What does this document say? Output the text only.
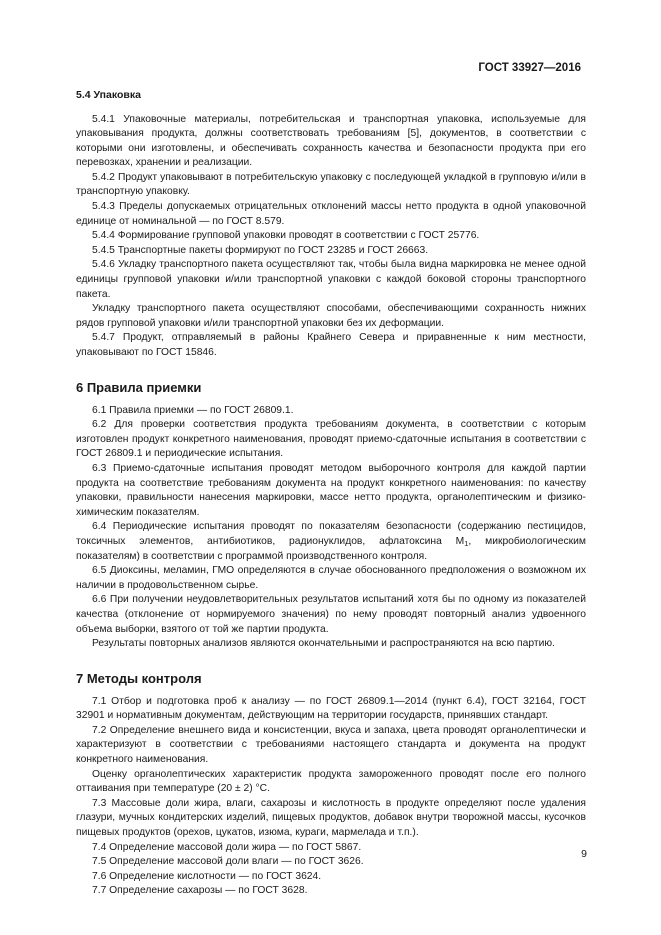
ГОСТ 33927—2016
5.4 Упаковка

5.4.1 Упаковочные материалы, потребительская и транспортная упаковка, используемые для упаковывания продукта, должны соответствовать требованиям [5], документов, в соответствии с которыми они изготовлены, и обеспечивать сохранность качества и безопасности продукта при его перевозках, хранении и реализации.

5.4.2 Продукт упаковывают в потребительскую упаковку с последующей укладкой в групповую и/или в транспортную упаковку.

5.4.3 Пределы допускаемых отрицательных отклонений массы нетто продукта в одной упаковочной единице от номинальной — по ГОСТ 8.579.

5.4.4 Формирование групповой упаковки проводят в соответствии с ГОСТ 25776.

5.4.5 Транспортные пакеты формируют по ГОСТ 23285 и ГОСТ 26663.

5.4.6 Укладку транспортного пакета осуществляют так, чтобы была видна маркировка не менее одной единицы групповой упаковки и/или транспортной упаковки с каждой боковой стороны транспортного пакета.

Укладку транспортного пакета осуществляют способами, обеспечивающими сохранность нижних рядов групповой упаковки и/или транспортной упаковки без их деформации.

5.4.7 Продукт, отправляемый в районы Крайнего Севера и приравненные к ним местности, упаковывают по ГОСТ 15846.

6 Правила приемки

6.1 Правила приемки — по ГОСТ 26809.1.

6.2 Для проверки соответствия продукта требованиям документа, в соответствии с которым изготовлен продукт конкретного наименования, проводят приемо-сдаточные испытания в соответствии с ГОСТ 26809.1 и периодические испытания.

6.3 Приемо-сдаточные испытания проводят методом выборочного контроля для каждой партии продукта на соответствие требованиям документа на продукт конкретного наименования: по качеству упаковки, правильности нанесения маркировки, массе нетто продукта, органолептическим и физико-химическим показателям.

6.4 Периодические испытания проводят по показателям безопасности (содержанию пестицидов, токсичных элементов, антибиотиков, радионуклидов, афлатоксина $M_1$, микробиологическим показателям) в соответствии с программой производственного контроля.

6.5 Диоксины, меламин, ГМО определяются в случае обоснованного предположения о возможном их наличии в продовольственном сырье.

6.6 При получении неудовлетворительных результатов испытаний хотя бы по одному из показателей качества (отклонение от нормируемого значения) по нему проводят повторный анализ удвоенного объема выборки, взятого от той же партии продукта.

Результаты повторных анализов являются окончательными и распространяются на всю партию.

7 Методы контроля

7.1 Отбор и подготовка проб к анализу — по ГОСТ 26809.1—2014 (пункт 6.4), ГОСТ 32164, ГОСТ 32901 и нормативным документам, действующим на территории государств, принявших стандарт.

7.2 Определение внешнего вида и консистенции, вкуса и запаха, цвета проводят органолептически и характеризуют в соответствии с требованиями настоящего стандарта и документа на продукт конкретного наименования.

Оценку органолептических характеристик продукта замороженного проводят после его полного оттаивания при температуре (20 ± 2) °C.

7.3 Массовые доли жира, влаги, сахарозы и кислотность в продукте определяют после удаления глазури, мучных кондитерских изделий, пищевых продуктов, добавок внутри творожной массы, кусочков пищевых продуктов (орехов, цукатов, изюма, кураги, мармелада и т.п.).

7.4 Определение массовой доли жира — по ГОСТ 5867.

7.5 Определение массовой доли влаги — по ГОСТ 3626.

7.6 Определение кислотности — по ГОСТ 3624.

7.7 Определение сахарозы — по ГОСТ 3628.

9
